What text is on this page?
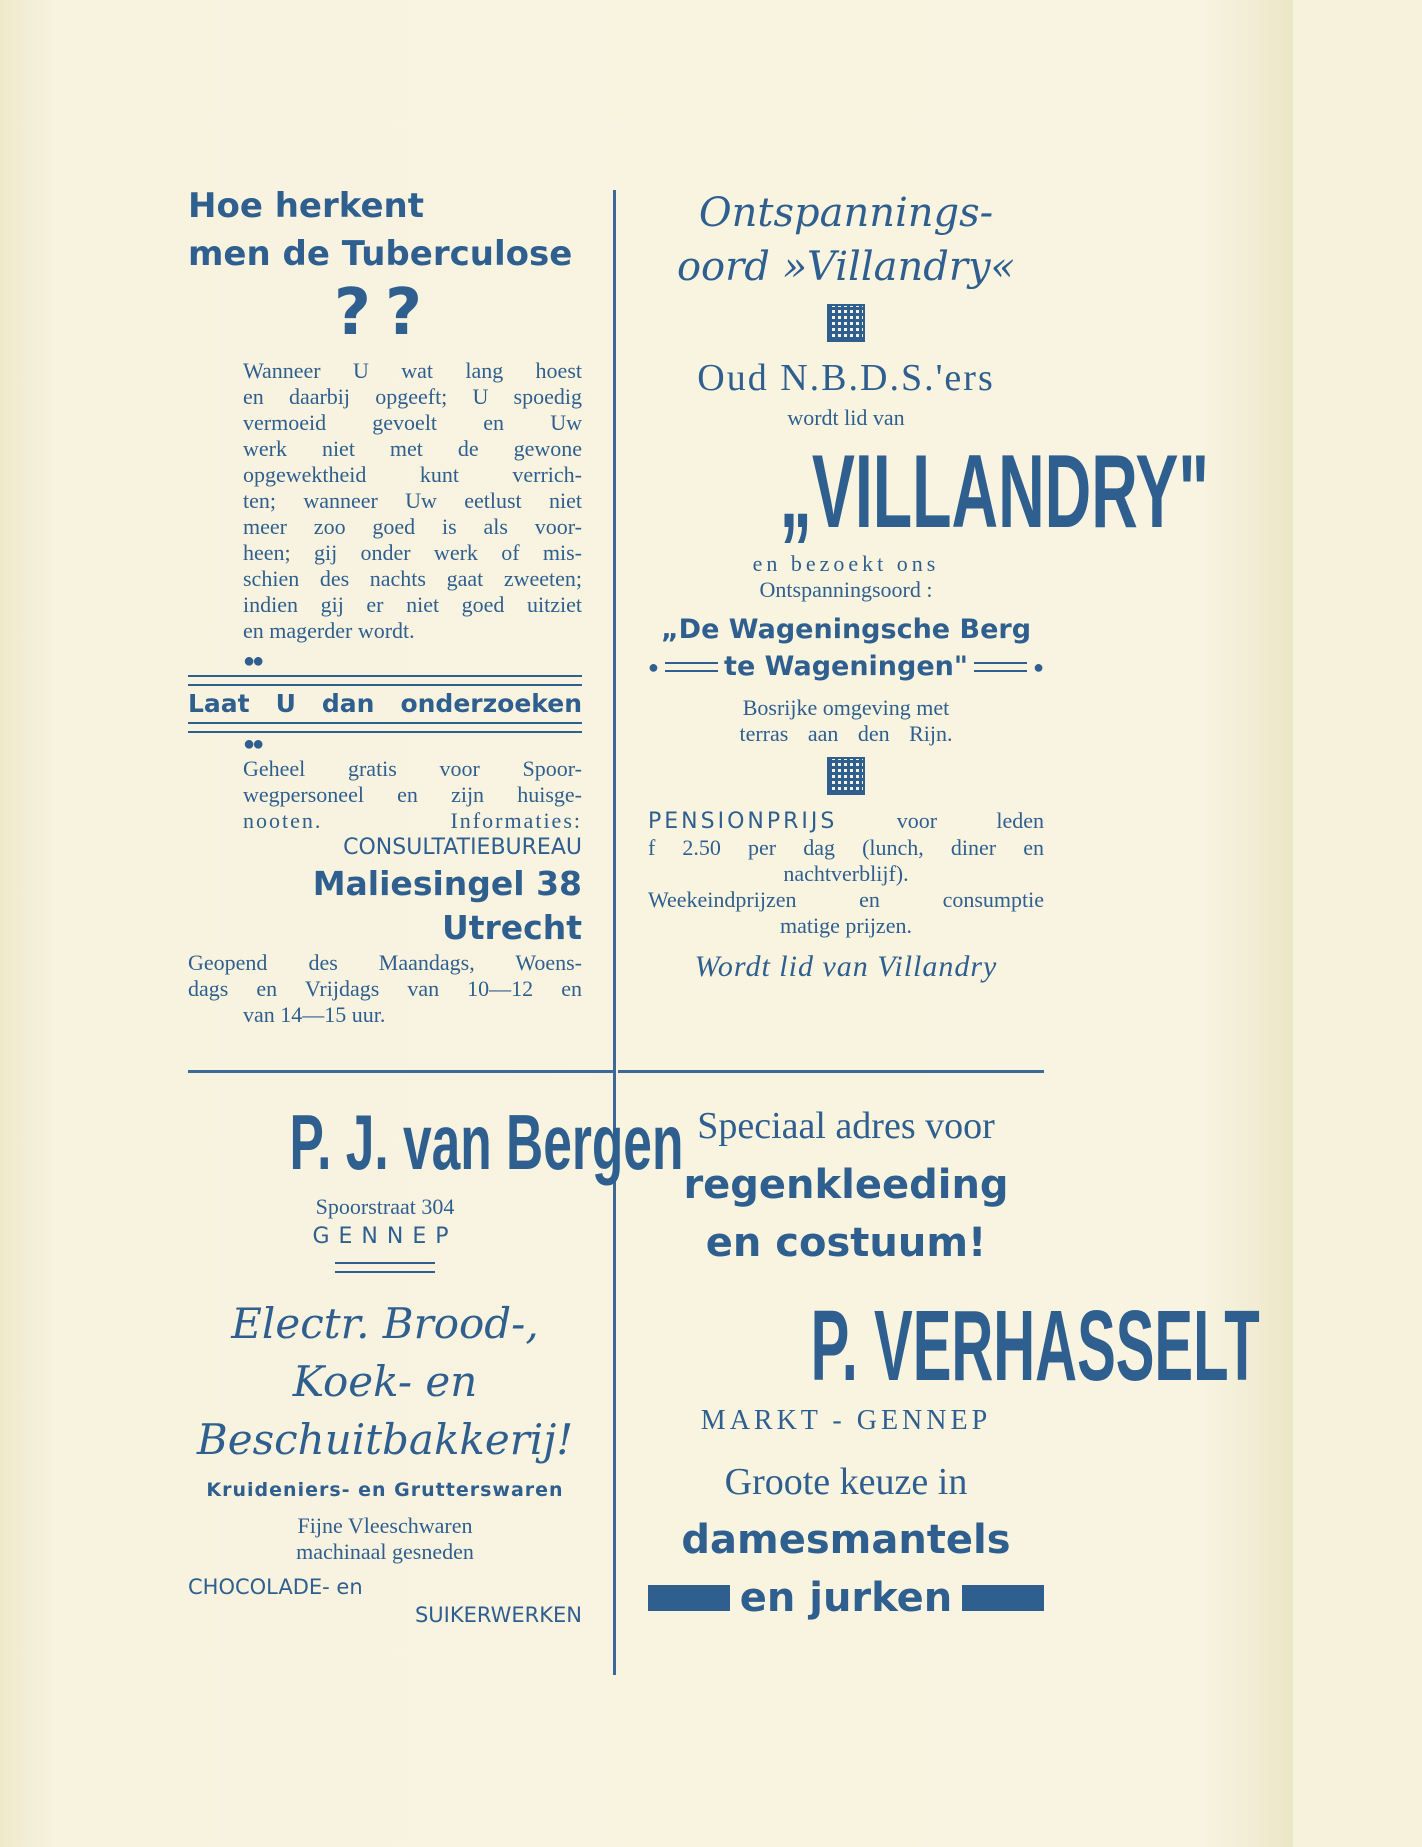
Hoe herkent
men de Tuberculose
??
Wanneer U wat lang hoest
en daarbij opgeeft; U spoedig
vermoeid gevoelt en Uw
werk niet met de gewone
opgewektheid kunt verrich-
ten; wanneer Uw eetlust niet
meer zoo goed is als voor-
heen; gij onder werk of mis-
schien des nachts gaat zweeten;
indien gij er niet goed uitziet
en magerder wordt.
●●
Laat U dan onderzoeken
●●
Geheel gratis voor Spoor-
wegpersoneel en zijn huisge-
nooten. Informaties:
CONSULTATIEBUREAU
Maliesingel 38 Utrecht
Geopend des Maandags, Woens-
dags en Vrijdags van 10—12 en
van 14—15 uur.
Ontspannings-
oord »Villandry«
Oud N.B.D.S.'ers
wordt lid van
„VILLANDRY"
en bezoekt ons
Ontspanningsoord :
„De Wageningsche Berg
● te Wageningen"	●
Bosrijke omgeving met
terras aan den Rijn.
PENSIONPRIJS	voor leden
f 2.50 per dag (lunch, diner en
nachtverblijf).
Weekeindprijzen en consumptie
matige prijzen.
Wordt lid van Villandry
P. J. van Bergen
Spoorstraat 304
GENNEP
Electr. Brood-,
Koek- en
Beschuitbakkerij!
Kruideniers- en Grutterswaren
Fijne Vleeschwaren
machinaal gesneden
CHOCOLADE- en
SUIKERWERKEN
Speciaal adres voor
regenkleeding
en costuum!
P. VERHASSELT
MARKT - GENNEP
Groote keuze in
damesmantels
en jurken
